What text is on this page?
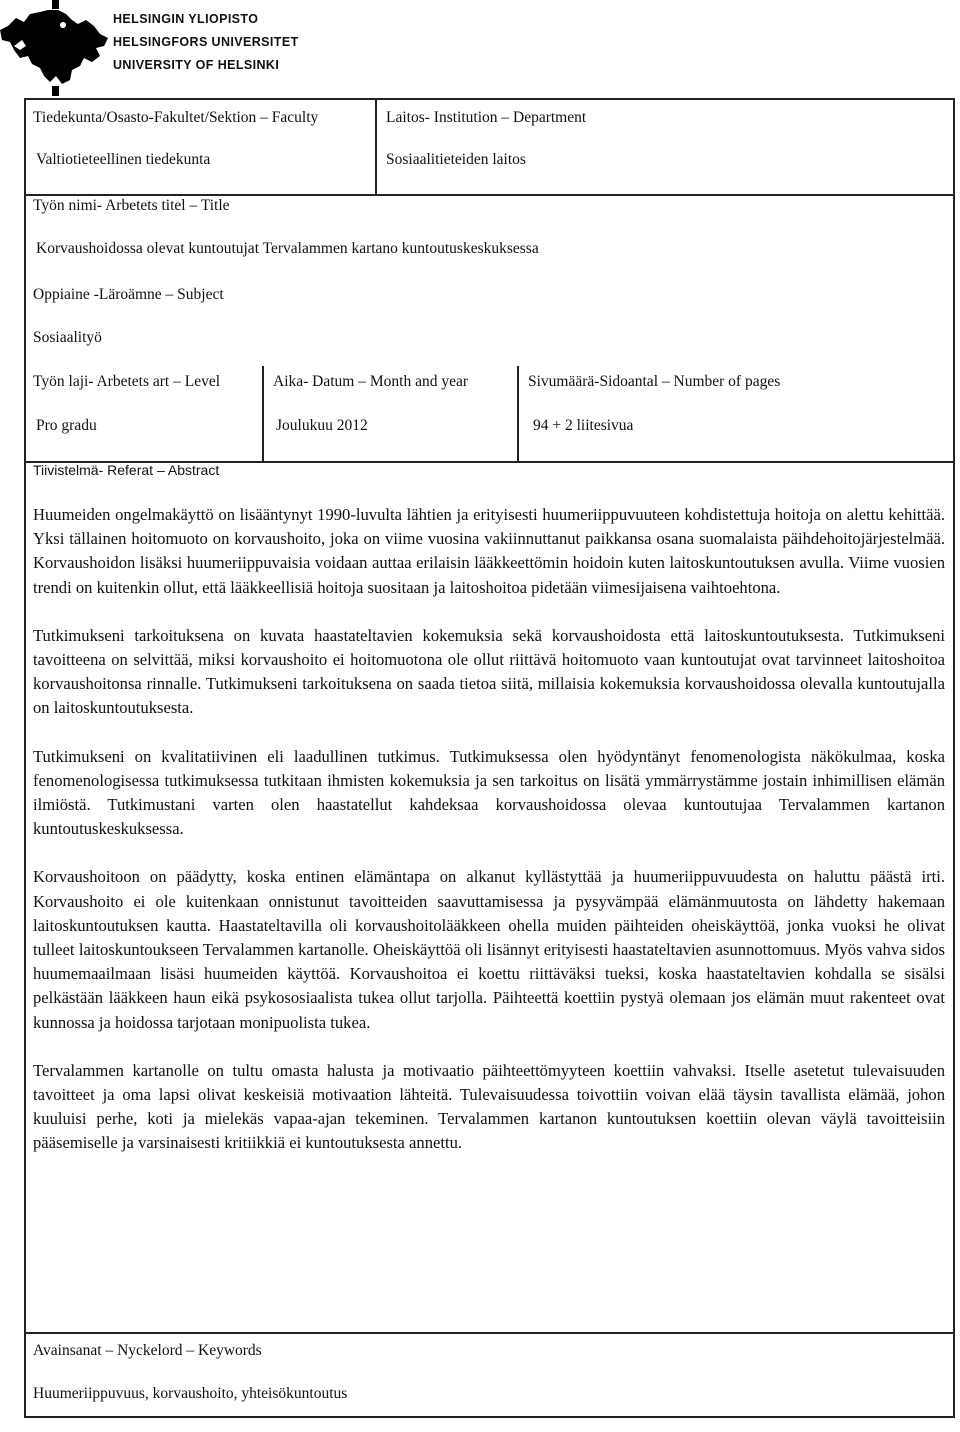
HELSINGIN YLIOPISTO
HELSINGFORS UNIVERSITET
UNIVERSITY OF HELSINKI
Tiedekunta/Osasto-Fakultet/Sektion – Faculty
Valtiotieteellinen tiedekunta
Laitos- Institution – Department
Sosiaalitieteiden laitos
Työn nimi- Arbetets titel – Title
Korvaushoidossa olevat kuntoutujat Tervalammen kartano kuntoutuskeskuksessa
Oppiaine -Läroämne – Subject
Sosiaalityö
Työn laji- Arbetets art – Level
Pro gradu
Aika- Datum – Month and year
Joulukuu 2012
Sivumäärä-Sidoantal – Number of pages
94 + 2 liitesivua
Tiivistelmä- Referat – Abstract

Huumeiden ongelmakäyttö on lisääntynyt 1990-luvulta lähtien ja erityisesti huumeriippuvuuteen kohdistettuja hoitoja on alettu kehittää. Yksi tällainen hoitomuoto on korvaushoito, joka on viime vuosina vakiinnuttanut paikkansa osana suomalaista päihdehoitojärjestelmää. Korvaushoidon lisäksi huumeriippuvaisia voidaan auttaa erilaisin lääkkeettömin hoidoin kuten laitoskuntoutuksen avulla. Viime vuosien trendi on kuitenkin ollut, että lääkkeellisiä hoitoja suositaan ja laitoshoitoa pidetään viimesijaisena vaihtoehtona.

Tutkimukseni tarkoituksena on kuvata haastateltavien kokemuksia sekä korvaushoidosta että laitoskuntoutuksesta. Tutkimukseni tavoitteena on selvittää, miksi korvaushoito ei hoitomuotona ole ollut riittävä hoitomuoto vaan kuntoutujat ovat tarvinneet laitoshoitoa korvaushoitonsa rinnalle. Tutkimukseni tarkoituksena on saada tietoa siitä, millaisia kokemuksia korvaushoidossa olevalla kuntoutujalla on laitoskuntoutuksesta.

Tutkimukseni on kvalitatiivinen eli laadullinen tutkimus. Tutkimuksessa olen hyödyntänyt fenomenologista näkökulmaa, koska fenomenologisessa tutkimuksessa tutkitaan ihmisten kokemuksia ja sen tarkoitus on lisätä ymmärrystämme jostain inhimillisen elämän ilmiöstä. Tutkimustani varten olen haastatellut kahdeksaa korvaushoidossa olevaa kuntoutujaa Tervalammen kartanon kuntoutuskeskuksessa.

Korvaushoitoon on päädytty, koska entinen elämäntapa on alkanut kyllästyttää ja huumeriippuvuudesta on haluttu päästä irti. Korvaushoito ei ole kuitenkaan onnistunut tavoitteiden saavuttamisessa ja pysyvämpää elämänmuutosta on lähdetty hakemaan laitoskuntoutuksen kautta. Haastateltavilla oli korvaushoitolääkkeen ohella muiden päihteiden oheiskäyttöä, jonka vuoksi he olivat tulleet laitoskuntoukseen Tervalammen kartanolle. Oheiskäyttöä oli lisännyt erityisesti haastateltavien asunnottomuus. Myös vahva sidos huumemaailmaan lisäsi huumeiden käyttöä. Korvaushoitoa ei koettu riittäväksi tueksi, koska haastateltavien kohdalla se sisälsi pelkästään lääkkeen haun eikä psykososiaalista tukea ollut tarjolla. Päihteettä koettiin pystyä olemaan jos elämän muut rakenteet ovat kunnossa ja hoidossa tarjotaan monipuolista tukea.

Tervalammen kartanolle on tultu omasta halusta ja motivaatio päihteettömyyteen koettiin vahvaksi. Itselle asetetut tulevaisuuden tavoitteet ja oma lapsi olivat keskeisiä motivaation lähteitä. Tulevaisuudessa toivottiin voivan elää täysin tavallista elämää, johon kuuluisi perhe, koti ja mielekäs vapaa-ajan tekeminen. Tervalammen kartanon kuntoutuksen koettiin olevan väylä tavoitteisiin pääsemiselle ja varsinaisesti kritiikkiä ei kuntoutuksesta annettu.

Avainsanat – Nyckelord – Keywords
Huumeriippuvuus, korvaushoito, yhteisökuntoutus
